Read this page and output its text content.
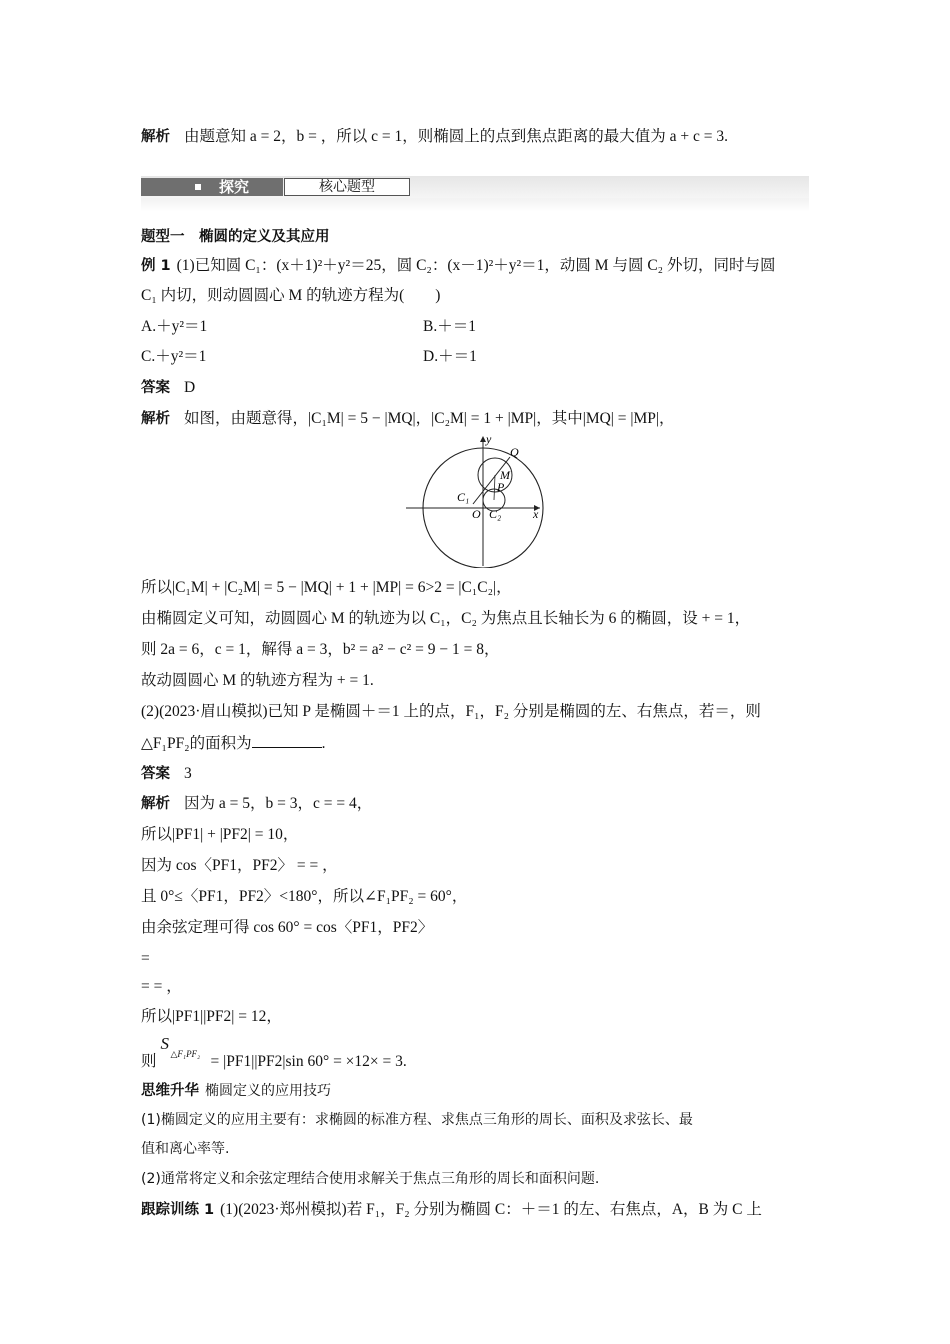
解析 由题意知 a = 2，b = ，所以 c = 1，则椭圆上的点到焦点距离的最大值为 a + c = 3.
探究	核心题型
题型一　椭圆的定义及其应用
例 1 (1)已知圆 C₁：(x＋1)²＋y²＝25，圆 C₂：(x－1)²＋y²＝1，动圆 M 与圆 C₂ 外切，同时与圆
C₁ 内切，则动圆圆心 M 的轨迹方程为(　　)
A.＋y²＝1	B.＋＝1
C.＋y²＝1	D.＋＝1
答案 D
解析 如图，由题意得，|C₁M| = 5 − |MQ|，|C₂M| = 1 + |MP|，其中|MQ| = |MP|，
y
x
Q
M
P
C₁
O C₂
所以|C₁M| + |C₂M| = 5 − |MQ| + 1 + |MP| = 6>2 = |C₁C₂|，
由椭圆定义可知，动圆圆心 M 的轨迹为以 C₁，C₂ 为焦点且长轴长为 6 的椭圆，设 + = 1，
则 2a = 6，c = 1，解得 a = 3，b² = a² − c² = 9 − 1 = 8，
故动圆圆心 M 的轨迹方程为 + = 1.
(2)(2023·眉山模拟)已知 P 是椭圆＋＝1 上的点，F₁，F₂ 分别是椭圆的左、右焦点，若＝，则
△F₁PF₂的面积为	.
答案 3
解析 因为 a = 5，b = 3，c = = 4，
所以|PF1| + |PF2| = 10，
因为 cos〈PF1，PF2〉 = = ，
且 0°≤〈PF1，PF2〉<180°，所以∠F₁PF₂ = 60°，
由余弦定理可得 cos 60° = cos〈PF1，PF2〉
=
= = ，
所以|PF1||PF2| = 12，
则
S
△F₁PF₂ = |PF1||PF2|sin 60° = ×12× = 3.
思维升华 椭圆定义的应用技巧
(1)椭圆定义的应用主要有：求椭圆的标准方程、求焦点三角形的周长、面积及求弦长、最
值和离心率等.
(2)通常将定义和余弦定理结合使用求解关于焦点三角形的周长和面积问题.
跟踪训练 1 (1)(2023·郑州模拟)若 F₁，F₂ 分别为椭圆 C：＋＝1 的左、右焦点，A，B 为 C 上
